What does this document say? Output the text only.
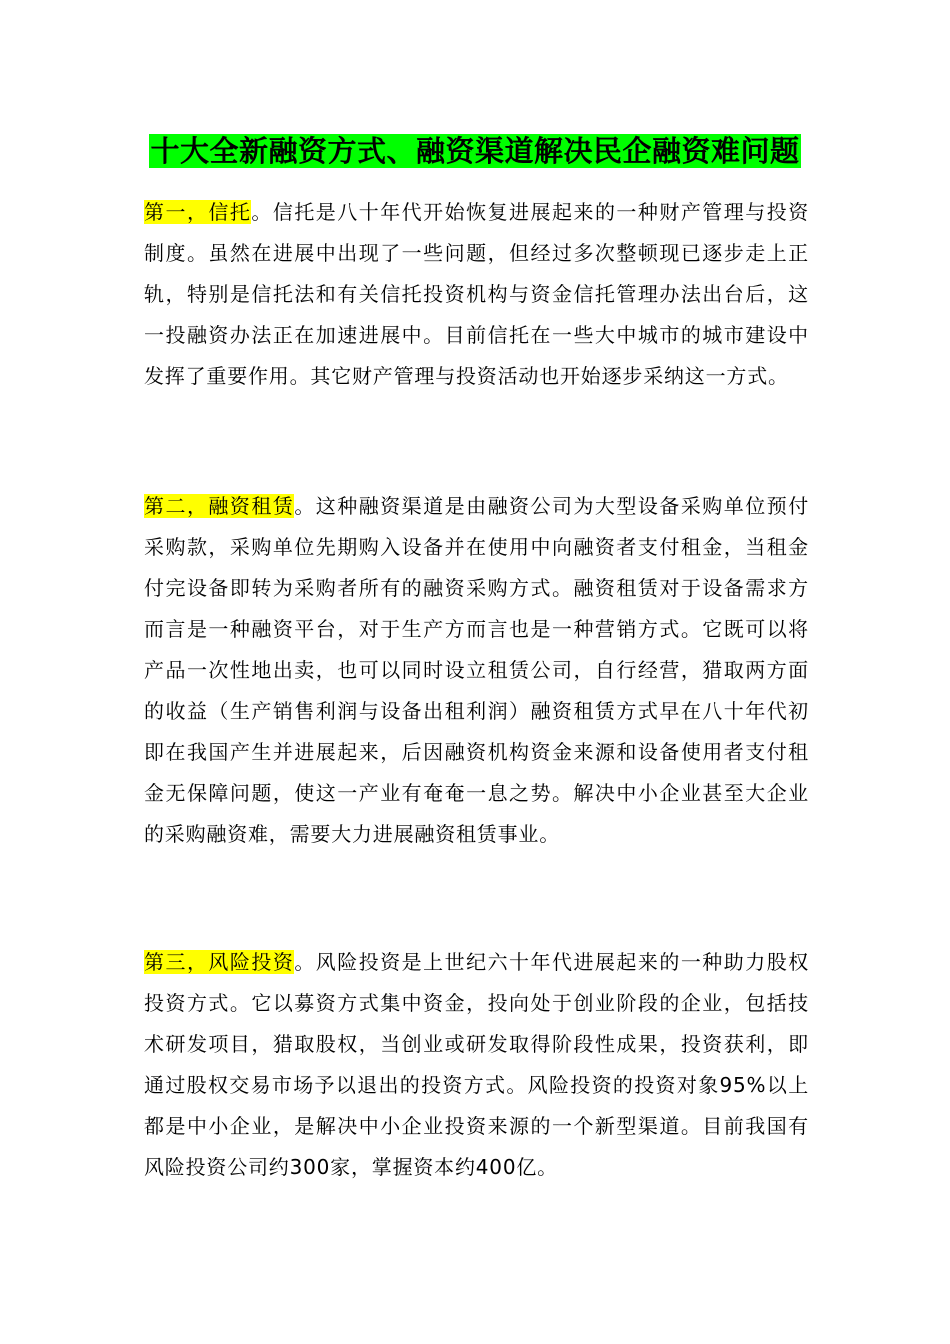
十大全新融资方式、融资渠道解决民企融资难问题
第一，信托。信托是八十年代开始恢复进展起来的一种财产管理与投资制度。虽然在进展中出现了一些问题，但经过多次整顿现已逐步走上正轨，特别是信托法和有关信托投资机构与资金信托管理办法出台后，这一投融资办法正在加速进展中。目前信托在一些大中城市的城市建设中发挥了重要作用。其它财产管理与投资活动也开始逐步采纳这一方式。
第二，融资租赁。这种融资渠道是由融资公司为大型设备采购单位预付采购款，采购单位先期购入设备并在使用中向融资者支付租金，当租金付完设备即转为采购者所有的融资采购方式。融资租赁对于设备需求方而言是一种融资平台，对于生产方而言也是一种营销方式。它既可以将产品一次性地出卖，也可以同时设立租赁公司，自行经营，猎取两方面的收益（生产销售利润与设备出租利润）融资租赁方式早在八十年代初即在我国产生并进展起来，后因融资机构资金来源和设备使用者支付租金无保障问题，使这一产业有奄奄一息之势。解决中小企业甚至大企业的采购融资难，需要大力进展融资租赁事业。
第三，风险投资。风险投资是上世纪六十年代进展起来的一种助力股权投资方式。它以募资方式集中资金，投向处于创业阶段的企业，包括技术研发项目，猎取股权，当创业或研发取得阶段性成果，投资获利，即通过股权交易市场予以退出的投资方式。风险投资的投资对象95%以上都是中小企业，是解决中小企业投资来源的一个新型渠道。目前我国有风险投资公司约300家，掌握资本约400亿。
